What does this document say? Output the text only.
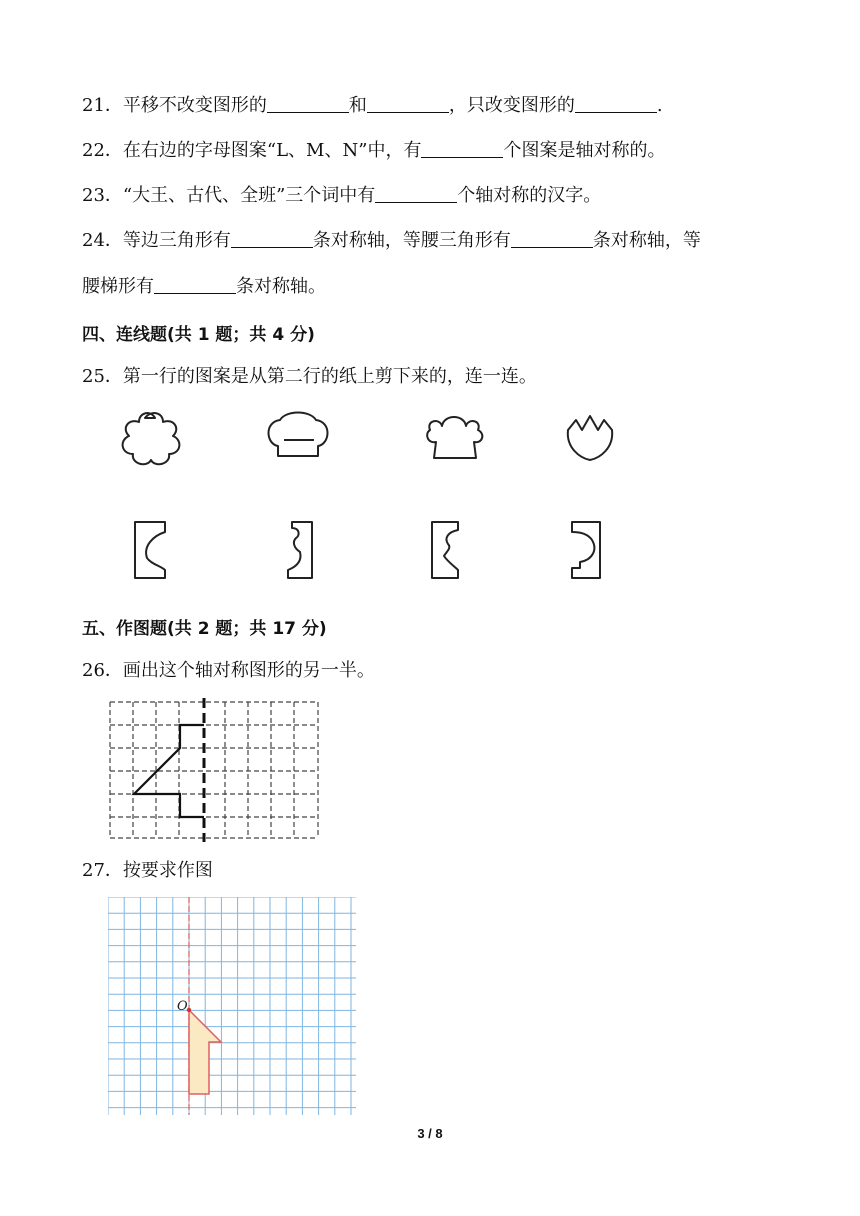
21．平移不改变图形的	和	，只改变图形的	.
22．在右边的字母图案“L、M、N”中，有	个图案是轴对称的。
23．“大王、古代、全班”三个词中有	个轴对称的汉字。
24．等边三角形有	条对称轴，等腰三角形有	条对称轴，等
腰梯形有	条对称轴。
四、连线题(共 1 题；共 4 分)
25．第一行的图案是从第二行的纸上剪下来的，连一连。
五、作图题(共 2 题；共 17 分)
26．画出这个轴对称图形的另一半。
27．按要求作图
O
3 / 8
